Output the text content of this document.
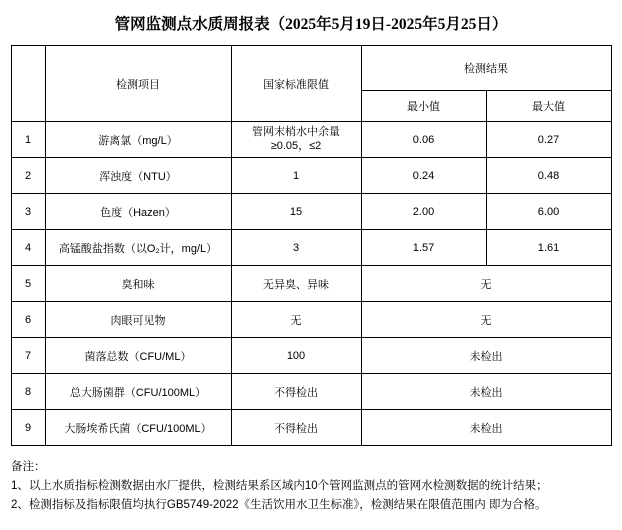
管网监测点水质周报表（2025年5月19日-2025年5月25日）
	检测项目	国家标准限值	检测结果	
			最小值	最大值
1	游离氯（mg/L）	管网末梢水中余量≥0.05，≤2	0.06	0.27
2	浑浊度（NTU）	1	0.24	0.48
3	色度（Hazen）	15	2.00	6.00
4	高锰酸盐指数（以O₂计，mg/L）	3	1.57	1.61
5	臭和味	无异臭、异味	无	
6	肉眼可见物	无	无	
7	菌落总数（CFU/ML）	100	未检出	
8	总大肠菌群（CFU/100ML）	不得检出	未检出	
9	大肠埃希氏菌（CFU/100ML）	不得检出	未检出	
备注：
1、以上水质指标检测数据由水厂提供，检测结果系区域内10个管网监测点的管网水检测数据的统计结果；
2、检测指标及指标限值均执行GB5749-2022《生活饮用水卫生标准》，检测结果在限值范围内 即为合格。
